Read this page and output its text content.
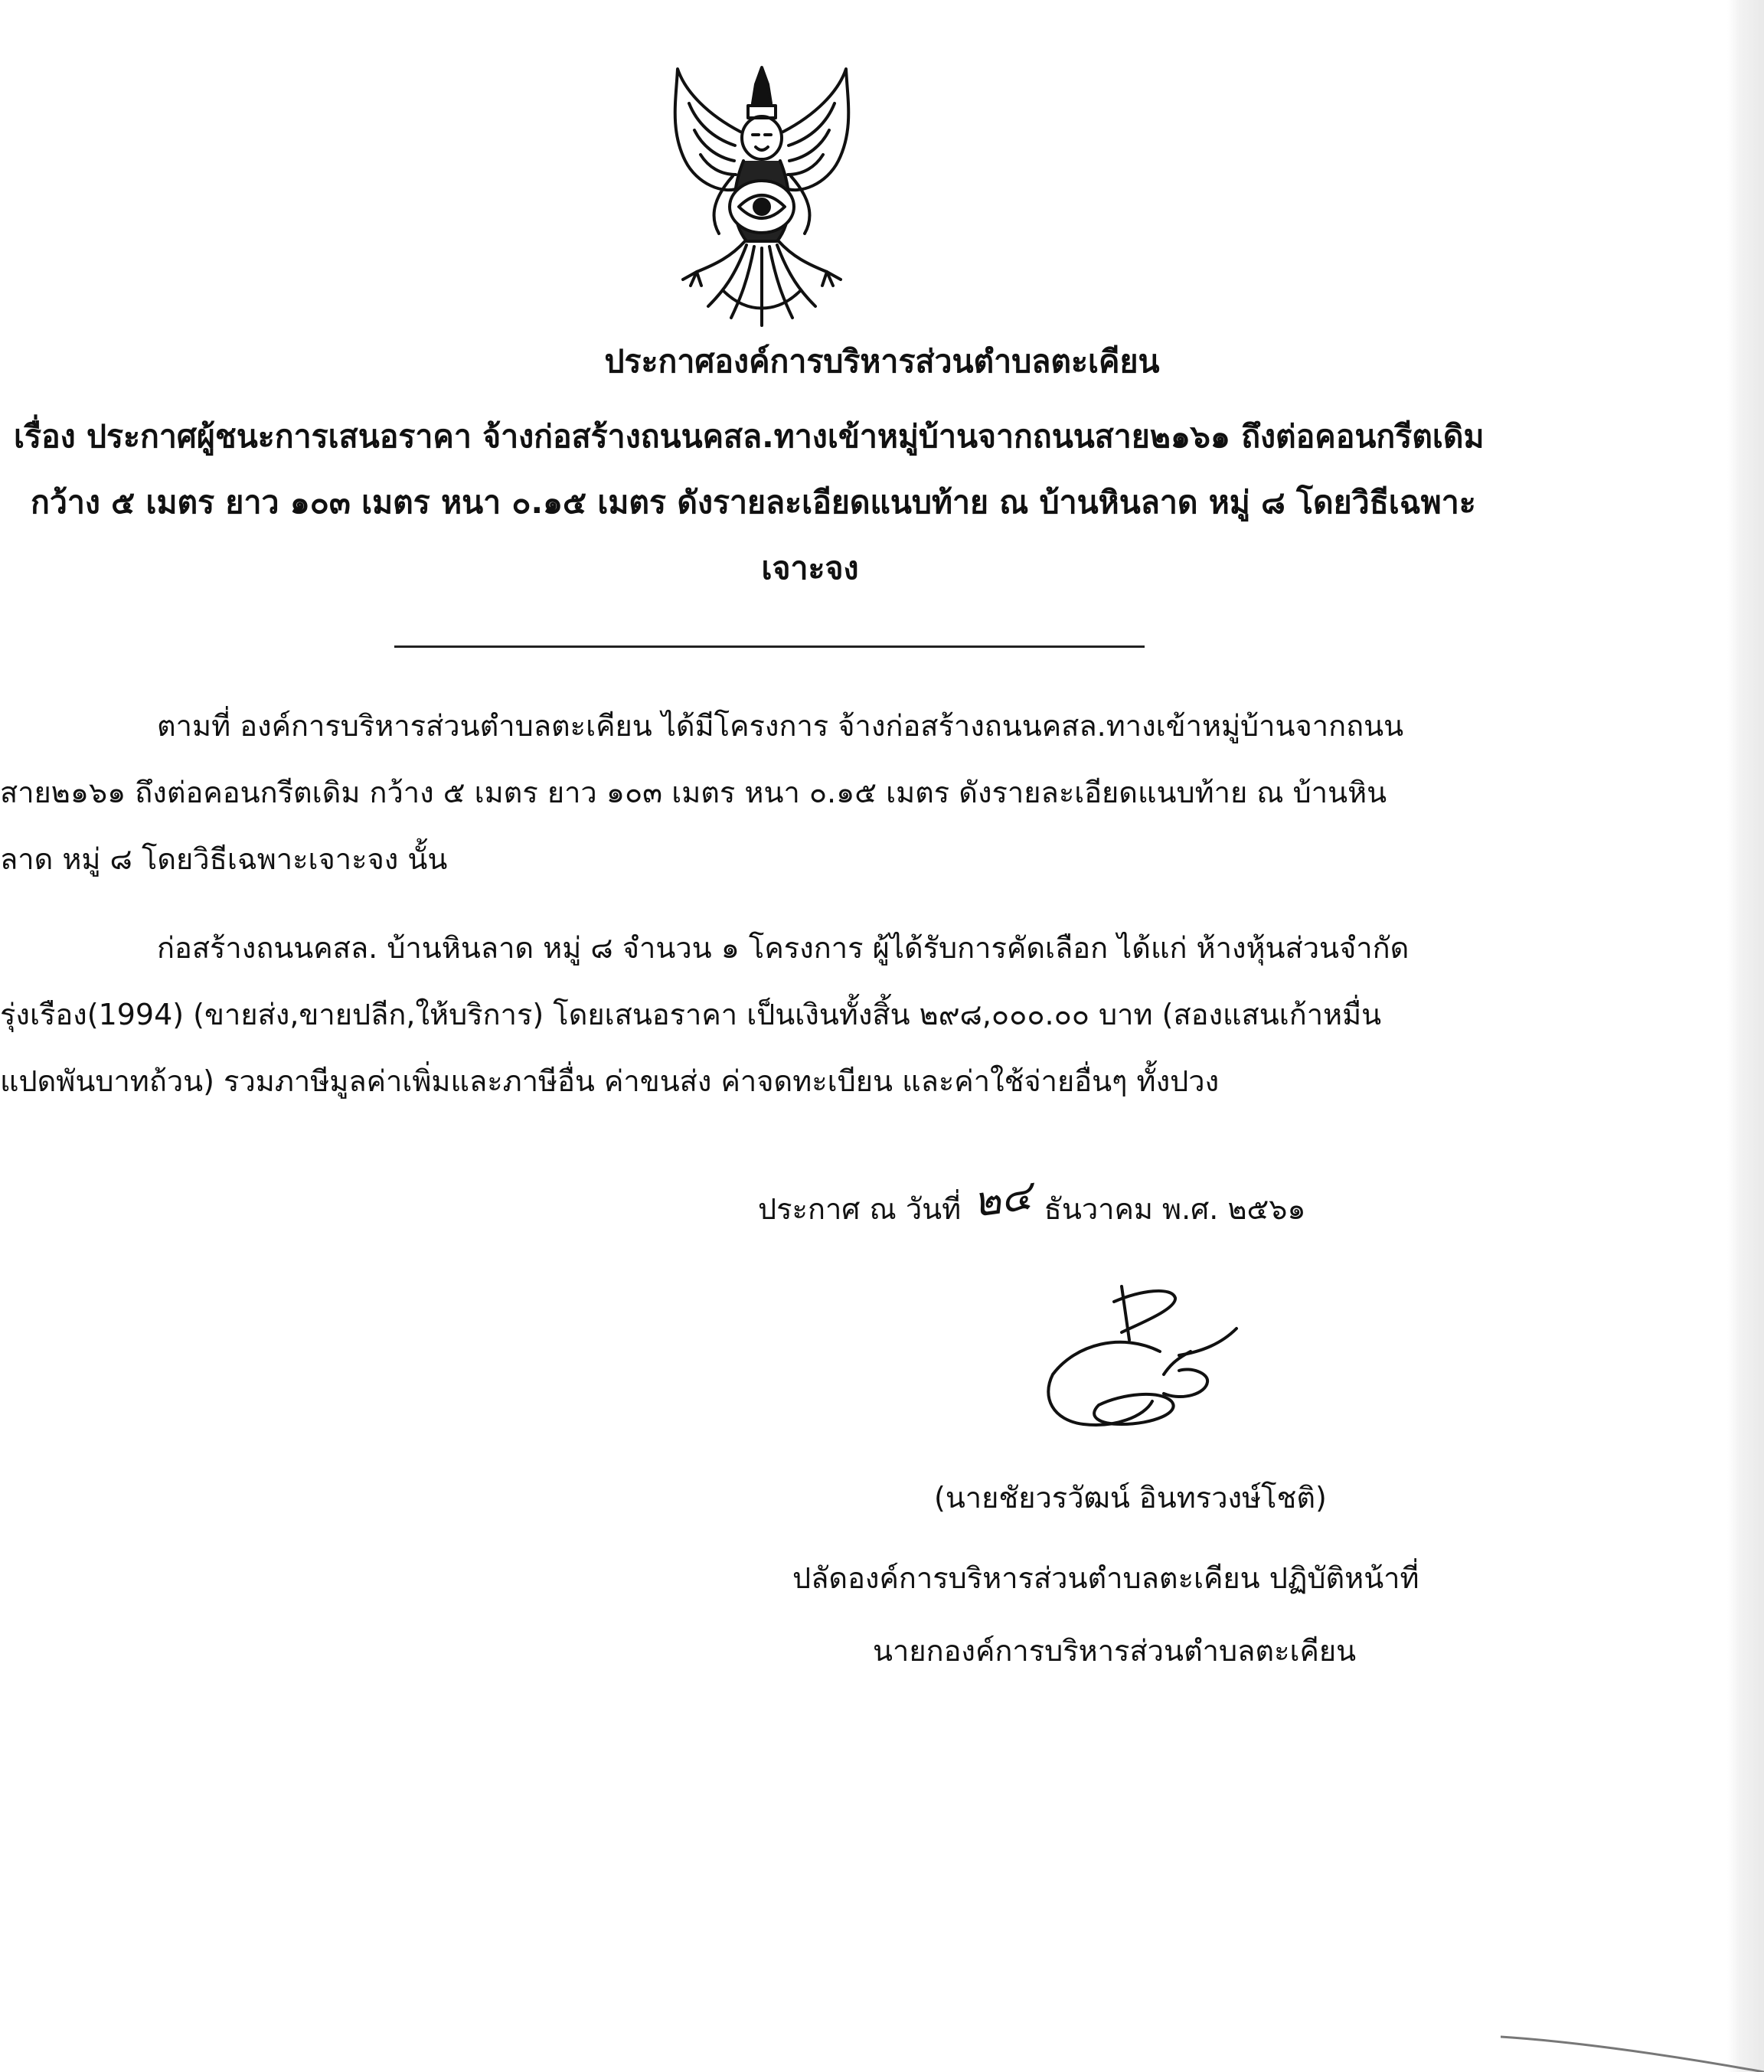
ประกาศองค์การบริหารส่วนตำบลตะเคียน
เรื่อง ประกาศผู้ชนะการเสนอราคา จ้างก่อสร้างถนนคสล.ทางเข้าหมู่บ้านจากถนนสาย๒๑๖๑ ถึงต่อคอนกรีตเดิม
กว้าง ๕ เมตร ยาว ๑๐๓ เมตร หนา ๐.๑๕ เมตร ดังรายละเอียดแนบท้าย ณ บ้านหินลาด หมู่ ๘ โดยวิธีเฉพาะ
เจาะจง
ตามที่ องค์การบริหารส่วนตำบลตะเคียน ได้มีโครงการ จ้างก่อสร้างถนนคสล.ทางเข้าหมู่บ้านจากถนน
สาย๒๑๖๑ ถึงต่อคอนกรีตเดิม กว้าง ๕ เมตร ยาว ๑๐๓ เมตร หนา ๐.๑๕ เมตร ดังรายละเอียดแนบท้าย ณ บ้านหิน
ลาด หมู่ ๘ โดยวิธีเฉพาะเจาะจง นั้น
ก่อสร้างถนนคสล. บ้านหินลาด หมู่ ๘ จำนวน ๑ โครงการ ผู้ได้รับการคัดเลือก ได้แก่ ห้างหุ้นส่วนจำกัด
รุ่งเรือง(1994) (ขายส่ง,ขายปลีก,ให้บริการ) โดยเสนอราคา เป็นเงินทั้งสิ้น ๒๙๘,๐๐๐.๐๐ บาท (สองแสนเก้าหมื่น
แปดพันบาทถ้วน) รวมภาษีมูลค่าเพิ่มและภาษีอื่น ค่าขนส่ง ค่าจดทะเบียน และค่าใช้จ่ายอื่นๆ ทั้งปวง
ประกาศ ณ วันที่ ๒๔ ธันวาคม พ.ศ. ๒๕๖๑
(นายชัยวรวัฒน์ อินทรวงษ์โชติ)
ปลัดองค์การบริหารส่วนตำบลตะเคียน ปฏิบัติหน้าที่
นายกองค์การบริหารส่วนตำบลตะเคียน
